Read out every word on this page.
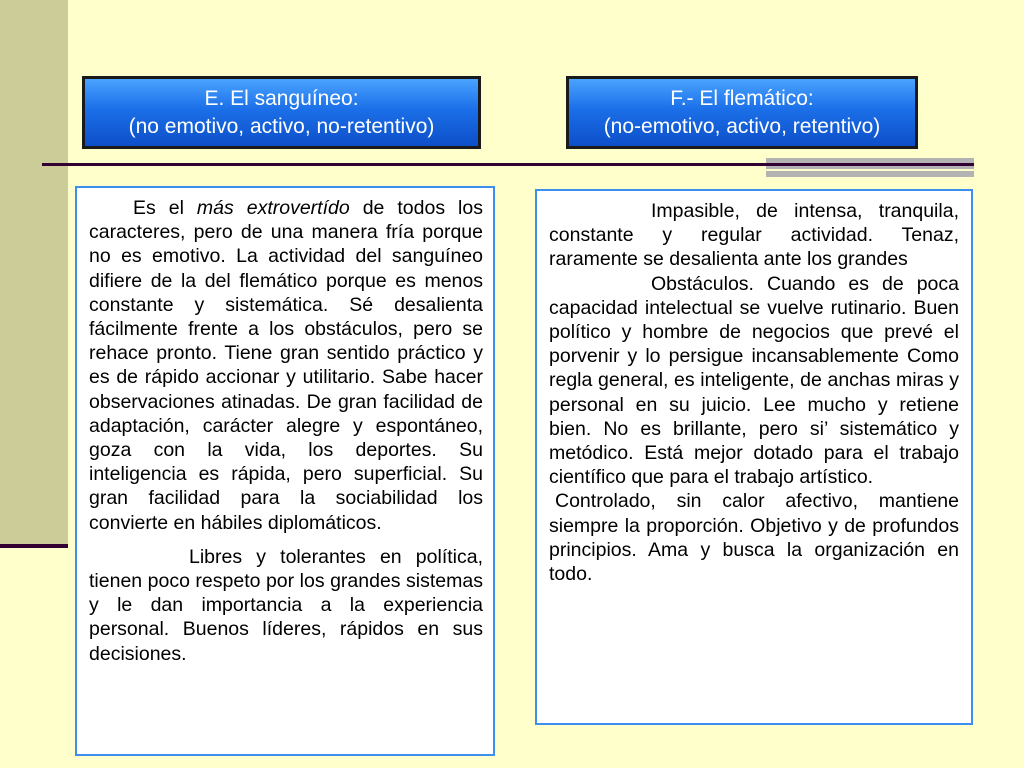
E. El sanguíneo:
(no emotivo, activo, no-retentivo)
F.- El flemático:
(no-emotivo, activo, retentivo)

Es el más extrovertído de todos los caracteres, pero de una manera fría porque no es emotivo. La actividad del sanguíneo difiere de la del flemático porque es menos constante y sistemática. Sé desalienta fácilmente frente a los obstáculos, pero se rehace pronto. Tiene gran sentido práctico y es de rápido accionar y utilitario. Sabe hacer observaciones atinadas. De gran facilidad de adaptación, carácter alegre y espontáneo, goza con la vida, los deportes. Su inteligencia es rápida, pero superficial. Su gran facilidad para la sociabilidad los convierte en hábiles diplomáticos.

Libres y tolerantes en política, tienen poco respeto por los grandes sistemas y le dan importancia a la experiencia personal. Buenos líderes, rápidos en sus decisiones.

Impasible, de intensa, tranquila, constante y regular actividad. Tenaz, raramente se desalienta ante los grandes

Obstáculos. Cuando es de poca capacidad intelectual se vuelve rutinario. Buen político y hombre de negocios que prevé el porvenir y lo persigue incansablemente Como regla general, es inteligente, de anchas miras y personal en su juicio. Lee mucho y retiene bien. No es brillante, pero si’ sistemático y metódico. Está mejor dotado para el trabajo científico que para el trabajo artístico.

Controlado, sin calor afectivo, mantiene siempre la proporción. Objetivo y de profundos principios. Ama y busca la organización en todo.
